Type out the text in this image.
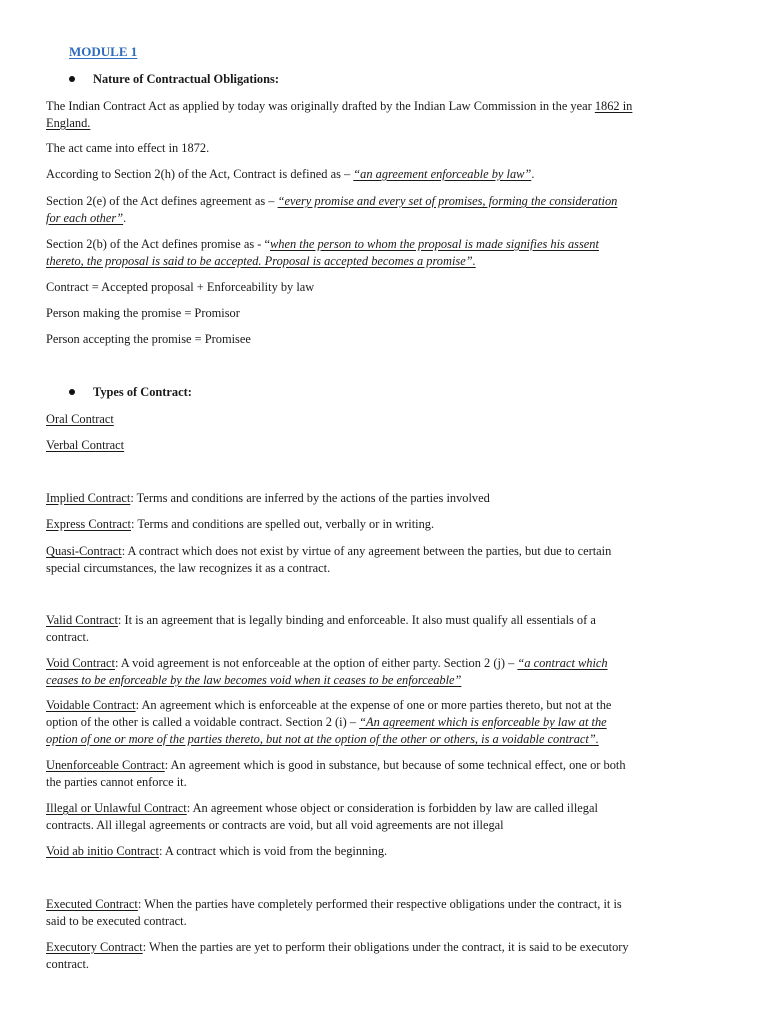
MODULE 1
Nature of Contractual Obligations:
The Indian Contract Act as applied by today was originally drafted by the Indian Law Commission in the year 1862 in
England.
The act came into effect in 1872.
According to Section 2(h) of the Act, Contract is defined as – “an agreement enforceable by law”.
Section 2(e) of the Act defines agreement as – “every promise and every set of promises, forming the consideration
for each other”.
Section 2(b) of the Act defines promise as - “when the person to whom the proposal is made signifies his assent
thereto, the proposal is said to be accepted. Proposal is accepted becomes a promise”.
Contract = Accepted proposal + Enforceability by law
Person making the promise = Promisor
Person accepting the promise = Promisee
Types of Contract:
Oral Contract
Verbal Contract
Implied Contract: Terms and conditions are inferred by the actions of the parties involved
Express Contract: Terms and conditions are spelled out, verbally or in writing.
Quasi-Contract: A contract which does not exist by virtue of any agreement between the parties, but due to certain
special circumstances, the law recognizes it as a contract.
Valid Contract: It is an agreement that is legally binding and enforceable. It also must qualify all essentials of a
contract.
Void Contract: A void agreement is not enforceable at the option of either party. Section 2 (j) – “a contract which
ceases to be enforceable by the law becomes void when it ceases to be enforceable”
Voidable Contract: An agreement which is enforceable at the expense of one or more parties thereto, but not at the
option of the other is called a voidable contract. Section 2 (i) – “An agreement which is enforceable by law at the
option of one or more of the parties thereto, but not at the option of the other or others, is a voidable contract”.
Unenforceable Contract: An agreement which is good in substance, but because of some technical effect, one or both
the parties cannot enforce it.
Illegal or Unlawful Contract: An agreement whose object or consideration is forbidden by law are called illegal
contracts. All illegal agreements or contracts are void, but all void agreements are not illegal
Void ab initio Contract: A contract which is void from the beginning.
Executed Contract: When the parties have completely performed their respective obligations under the contract, it is
said to be executed contract.
Executory Contract: When the parties are yet to perform their obligations under the contract, it is said to be executory
contract.
